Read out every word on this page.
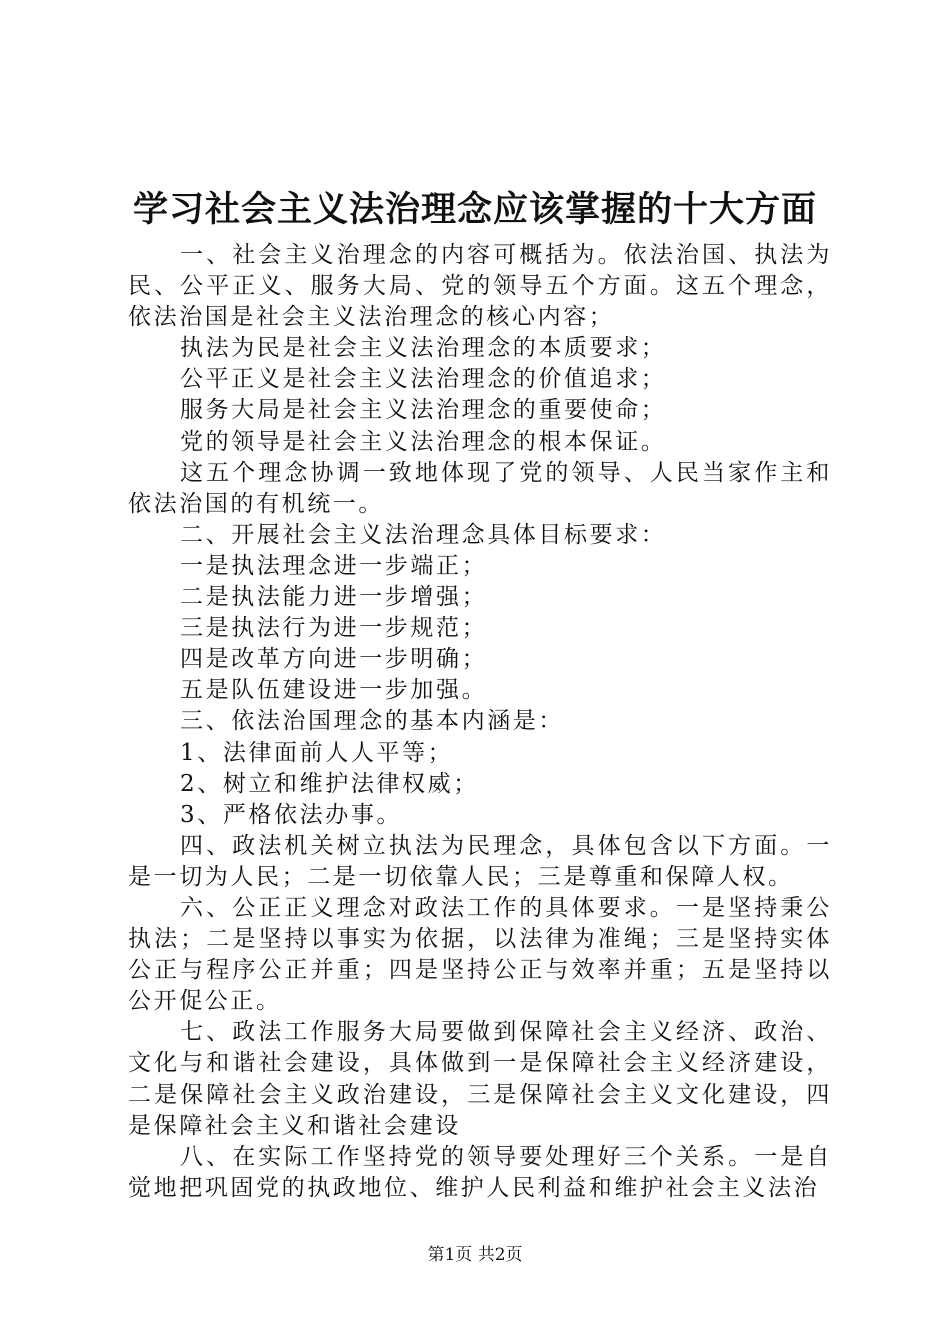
学习社会主义法治理念应该掌握的十大方面

一、社会主义治理念的内容可概括为。依法治国、执法为民、公平正义、服务大局、党的领导五个方面。这五个理念，依法治国是社会主义法治理念的核心内容；

执法为民是社会主义法治理念的本质要求；

公平正义是社会主义法治理念的价值追求；

服务大局是社会主义法治理念的重要使命；

党的领导是社会主义法治理念的根本保证。

这五个理念协调一致地体现了党的领导、人民当家作主和依法治国的有机统一。

二、开展社会主义法治理念具体目标要求：

一是执法理念进一步端正；

二是执法能力进一步增强；

三是执法行为进一步规范；

四是改革方向进一步明确；

五是队伍建设进一步加强。

三、依法治国理念的基本内涵是：

1、法律面前人人平等；

2、树立和维护法律权威；

3、严格依法办事。

四、政法机关树立执法为民理念，具体包含以下方面。一是一切为人民；二是一切依靠人民；三是尊重和保障人权。

六、公正正义理念对政法工作的具体要求。一是坚持秉公执法；二是坚持以事实为依据，以法律为准绳；三是坚持实体公正与程序公正并重；四是坚持公正与效率并重；五是坚持以公开促公正。

七、政法工作服务大局要做到保障社会主义经济、政治、文化与和谐社会建设，具体做到一是保障社会主义经济建设，二是保障社会主义政治建设，三是保障社会主义文化建设，四是保障社会主义和谐社会建设

八、在实际工作坚持党的领导要处理好三个关系。一是自觉地把巩固党的执政地位、维护人民利益和维护社会主义法治

第1页 共2页
